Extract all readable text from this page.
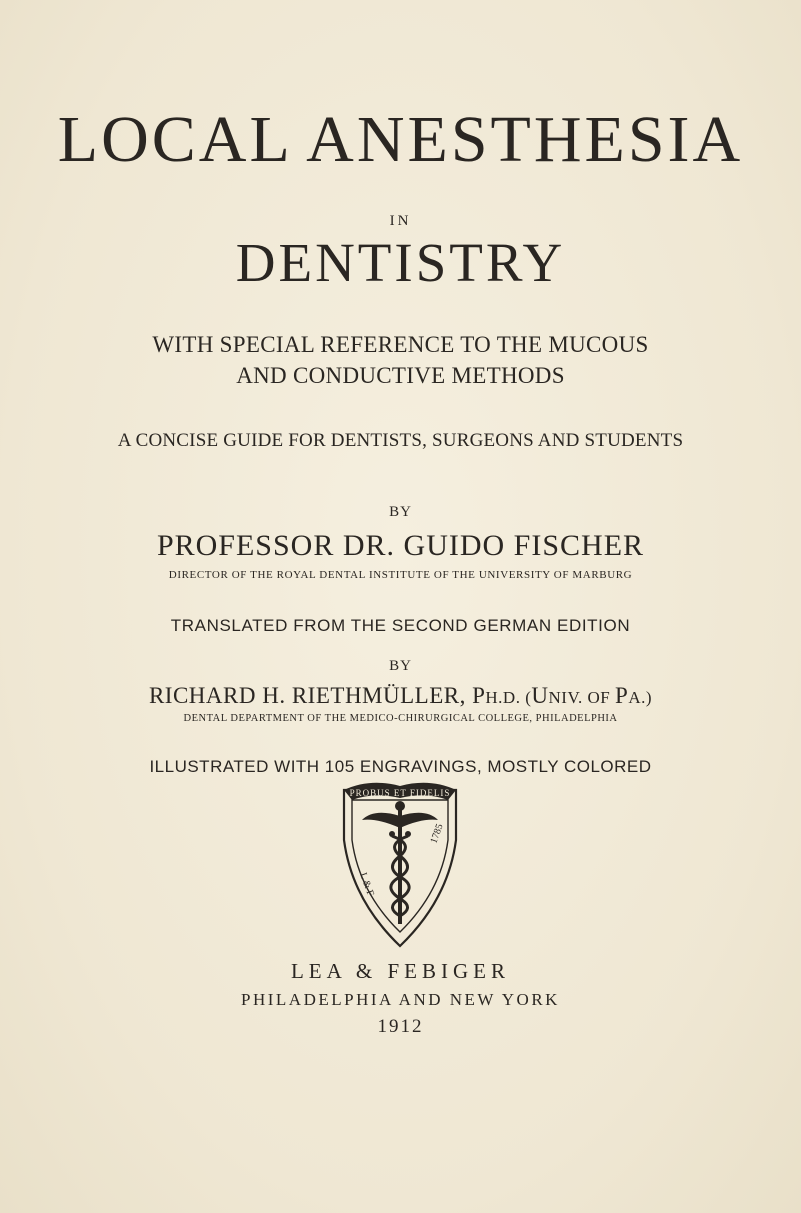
LOCAL ANESTHESIA
IN
DENTISTRY
WITH SPECIAL REFERENCE TO THE MUCOUS
AND CONDUCTIVE METHODS
A CONCISE GUIDE FOR DENTISTS, SURGEONS AND STUDENTS
BY
PROFESSOR DR. GUIDO FISCHER
DIRECTOR OF THE ROYAL DENTAL INSTITUTE OF THE UNIVERSITY OF MARBURG
TRANSLATED FROM THE SECOND GERMAN EDITION
BY
RICHARD H. RIETHMÜLLER, PH.D. (UNIV. OF PA.)
DENTAL DEPARTMENT OF THE MEDICO-CHIRURGICAL COLLEGE, PHILADELPHIA
ILLUSTRATED WITH 105 ENGRAVINGS, MOSTLY COLORED
PROBUS ET FIDELIS
L & F
1785
LEA & FEBIGER
PHILADELPHIA AND NEW YORK
1912
